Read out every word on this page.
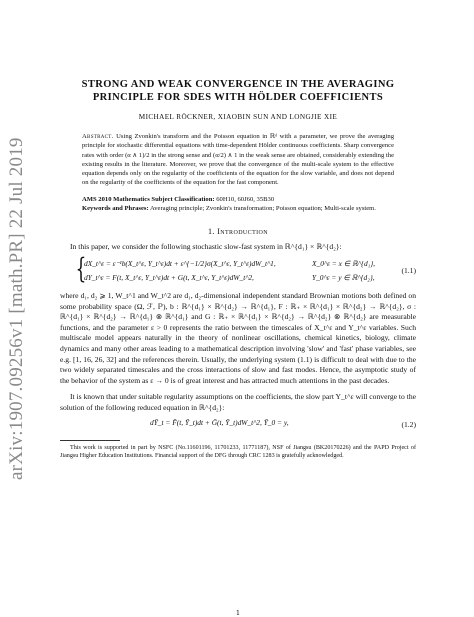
arXiv:1907.09256v1 [math.PR] 22 Jul 2019
STRONG AND WEAK CONVERGENCE IN THE AVERAGING
PRINCIPLE FOR SDES WITH HÖLDER COEFFICIENTS
MICHAEL RÖCKNER, XIAOBIN SUN AND LONGJIE XIE
Abstract. Using Zvonkin's transform and the Poisson equation in ℝᵈ with a parameter, we prove the averaging principle for stochastic differential equations with time-dependent Hölder continuous coefficients. Sharp convergence rates with order (α ∧ 1)/2 in the strong sense and (α/2) ∧ 1 in the weak sense are obtained, considerably extending the existing results in the literature. Moreover, we prove that the convergence of the multi-scale system to the effective equation depends only on the regularity of the coefficients of the equation for the slow variable, and does not depend on the regularity of the coefficients of the equation for the fast component.
AMS 2010 Mathematics Subject Classification: 60H10, 60J60, 35B30
Keywords and Phrases: Averaging principle; Zvonkin's transformation; Poisson equation; Multi-scale system.
1. Introduction
In this paper, we consider the following stochastic slow-fast system in ℝ^{d₁} × ℝ^{d₂}:
{
dX_t^ε = ε⁻¹b(X_t^ε, Y_t^ε)dt + ε^{−1/2}σ(X_t^ε, Y_t^ε)dW_t^1,	X_0^ε = x ∈ ℝ^{d₁},
dY_t^ε = F(t, X_t^ε, Y_t^ε)dt + G(t, X_t^ε, Y_t^ε)dW_t^2,	Y_0^ε = y ∈ ℝ^{d₂},
(1.1)
where d₁, d₂ ⩾ 1, W_t^1 and W_t^2 are d₁, d₂-dimensional independent standard Brownian motions both defined on some probability space (Ω, ℱ, ℙ), b : ℝ^{d₁} × ℝ^{d₂} → ℝ^{d₁}, F : ℝ₊ × ℝ^{d₁} × ℝ^{d₂} → ℝ^{d₂}, σ : ℝ^{d₁} × ℝ^{d₂} → ℝ^{d₁} ⊗ ℝ^{d₁} and G : ℝ₊ × ℝ^{d₁} × ℝ^{d₂} → ℝ^{d₂} ⊗ ℝ^{d₂} are measurable functions, and the parameter ε > 0 represents the ratio between the timescales of X_t^ε and Y_t^ε variables. Such multiscale model appears naturally in the theory of nonlinear oscillations, chemical kinetics, biology, climate dynamics and many other areas leading to a mathematical description involving 'slow' and 'fast' phase variables, see e.g. [1, 16, 26, 32] and the references therein. Usually, the underlying system (1.1) is difficult to deal with due to the two widely separated timescales and the cross interactions of slow and fast modes. Hence, the asymptotic study of the behavior of the system as ε → 0 is of great interest and has attracted much attentions in the past decades.
It is known that under suitable regularity assumptions on the coefficients, the slow part Y_t^ε will converge to the solution of the following reduced equation in ℝ^{d₂}:
dȲ_t = F̄(t, Ȳ_t)dt + Ḡ(t, Ȳ_t)dW_t^2, Ȳ_0 = y,	(1.2)
This work is supported in part by NSFC (No.11601196, 11701233, 11771187), NSF of Jiangsu (BK20170226) and the PAPD Project of Jiangsu Higher Education Institutions. Financial support of the DFG through CRC 1283 is gratefully acknowledged.
1
